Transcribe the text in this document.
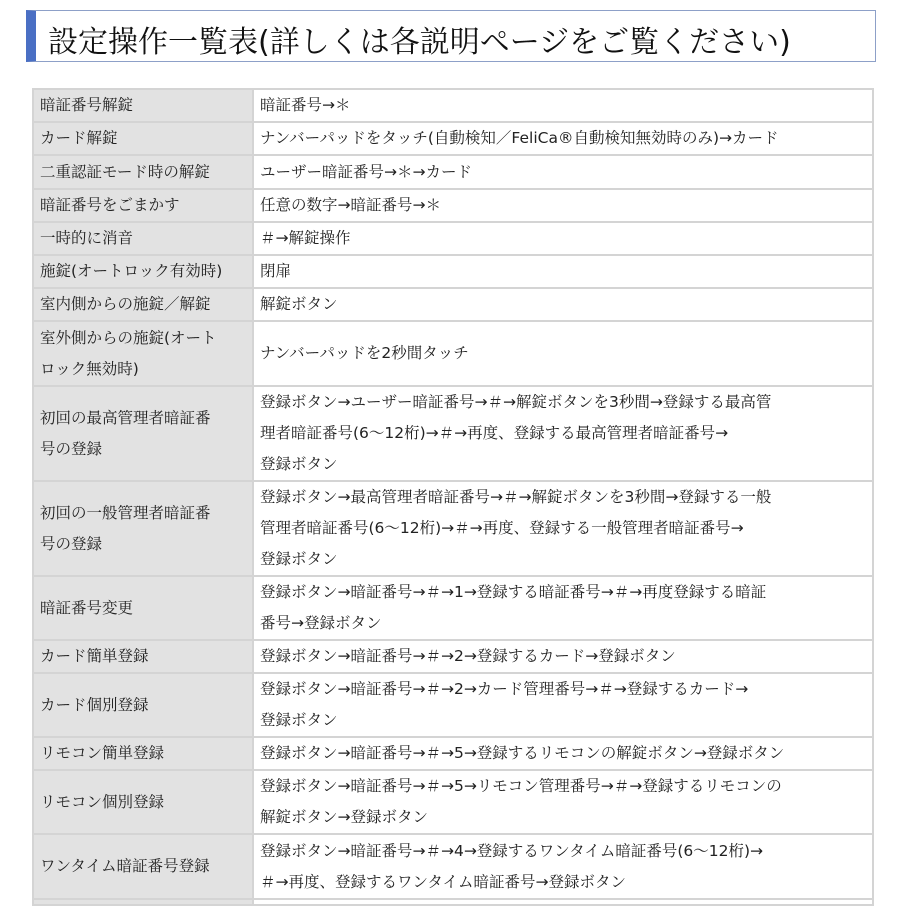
設定操作一覧表(詳しくは各説明ページをご覧ください)
暗証番号解錠	暗証番号→＊
カード解錠	ナンバーパッドをタッチ(自動検知／FeliCa®自動検知無効時のみ)→カード
二重認証モード時の解錠	ユーザー暗証番号→＊→カード
暗証番号をごまかす	任意の数字→暗証番号→＊
一時的に消音	＃→解錠操作
施錠(オートロック有効時)	閉扉
室内側からの施錠／解錠	解錠ボタン
室外側からの施錠(オート
ロック無効時)	ナンバーパッドを2秒間タッチ
初回の最高管理者暗証番
号の登録	登録ボタン→ユーザー暗証番号→＃→解錠ボタンを3秒間→登録する最高管
理者暗証番号(6～12桁)→＃→再度、登録する最高管理者暗証番号→
登録ボタン
初回の一般管理者暗証番
号の登録	登録ボタン→最高管理者暗証番号→＃→解錠ボタンを3秒間→登録する一般
管理者暗証番号(6～12桁)→＃→再度、登録する一般管理者暗証番号→
登録ボタン
暗証番号変更	登録ボタン→暗証番号→＃→1→登録する暗証番号→＃→再度登録する暗証
番号→登録ボタン
カード簡単登録	登録ボタン→暗証番号→＃→2→登録するカード→登録ボタン
カード個別登録	登録ボタン→暗証番号→＃→2→カード管理番号→＃→登録するカード→
登録ボタン
リモコン簡単登録	登録ボタン→暗証番号→＃→5→登録するリモコンの解錠ボタン→登録ボタン
リモコン個別登録	登録ボタン→暗証番号→＃→5→リモコン管理番号→＃→登録するリモコンの
解錠ボタン→登録ボタン
ワンタイム暗証番号登録	登録ボタン→暗証番号→＃→4→登録するワンタイム暗証番号(6～12桁)→
＃→再度、登録するワンタイム暗証番号→登録ボタン
